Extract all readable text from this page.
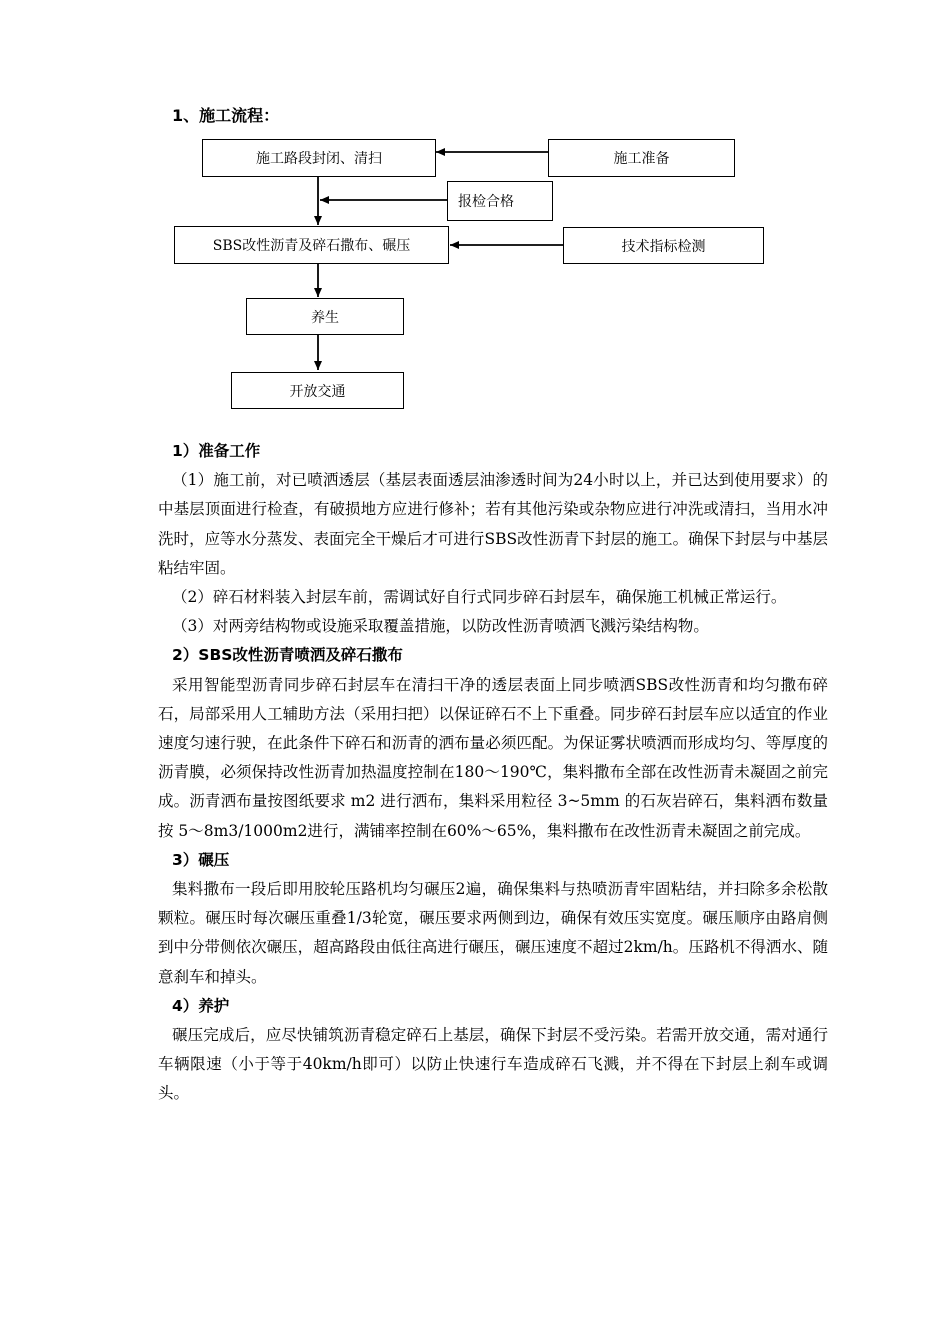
1、施工流程：
施工路段封闭、清扫	施工准备
报检合格
SBS改性沥青及碎石撒布、碾压	技术指标检测
养生
开放交通
1）准备工作

（1）施工前，对已喷洒透层（基层表面透层油渗透时间为24小时以上，并已达到使用要求）的中基层顶面进行检查，有破损地方应进行修补；若有其他污染或杂物应进行冲洗或清扫，当用水冲洗时，应等水分蒸发、表面完全干燥后才可进行SBS改性沥青下封层的施工。确保下封层与中基层粘结牢固。

（2）碎石材料装入封层车前，需调试好自行式同步碎石封层车，确保施工机械正常运行。

（3）对两旁结构物或设施采取覆盖措施，以防改性沥青喷洒飞溅污染结构物。

2）SBS改性沥青喷洒及碎石撒布

采用智能型沥青同步碎石封层车在清扫干净的透层表面上同步喷洒SBS改性沥青和均匀撒布碎石，局部采用人工辅助方法（采用扫把）以保证碎石不上下重叠。同步碎石封层车应以适宜的作业速度匀速行驶，在此条件下碎石和沥青的洒布量必须匹配。为保证雾状喷洒而形成均匀、等厚度的沥青膜，必须保持改性沥青加热温度控制在180～190℃，集料撒布全部在改性沥青未凝固之前完成。沥青洒布量按图纸要求 m2 进行洒布，集料采用粒径 3~5mm 的石灰岩碎石，集料洒布数量按 5～8m3/1000m2进行，满铺率控制在60%～65%，集料撒布在改性沥青未凝固之前完成。

3）碾压

集料撒布一段后即用胶轮压路机均匀碾压2遍，确保集料与热喷沥青牢固粘结，并扫除多余松散颗粒。碾压时每次碾压重叠1/3轮宽，碾压要求两侧到边，确保有效压实宽度。碾压顺序由路肩侧到中分带侧依次碾压，超高路段由低往高进行碾压，碾压速度不超过2km/h。压路机不得洒水、随意刹车和掉头。

4）养护

碾压完成后，应尽快铺筑沥青稳定碎石上基层，确保下封层不受污染。若需开放交通，需对通行车辆限速（小于等于40km/h即可）以防止快速行车造成碎石飞溅，并不得在下封层上刹车或调头。
